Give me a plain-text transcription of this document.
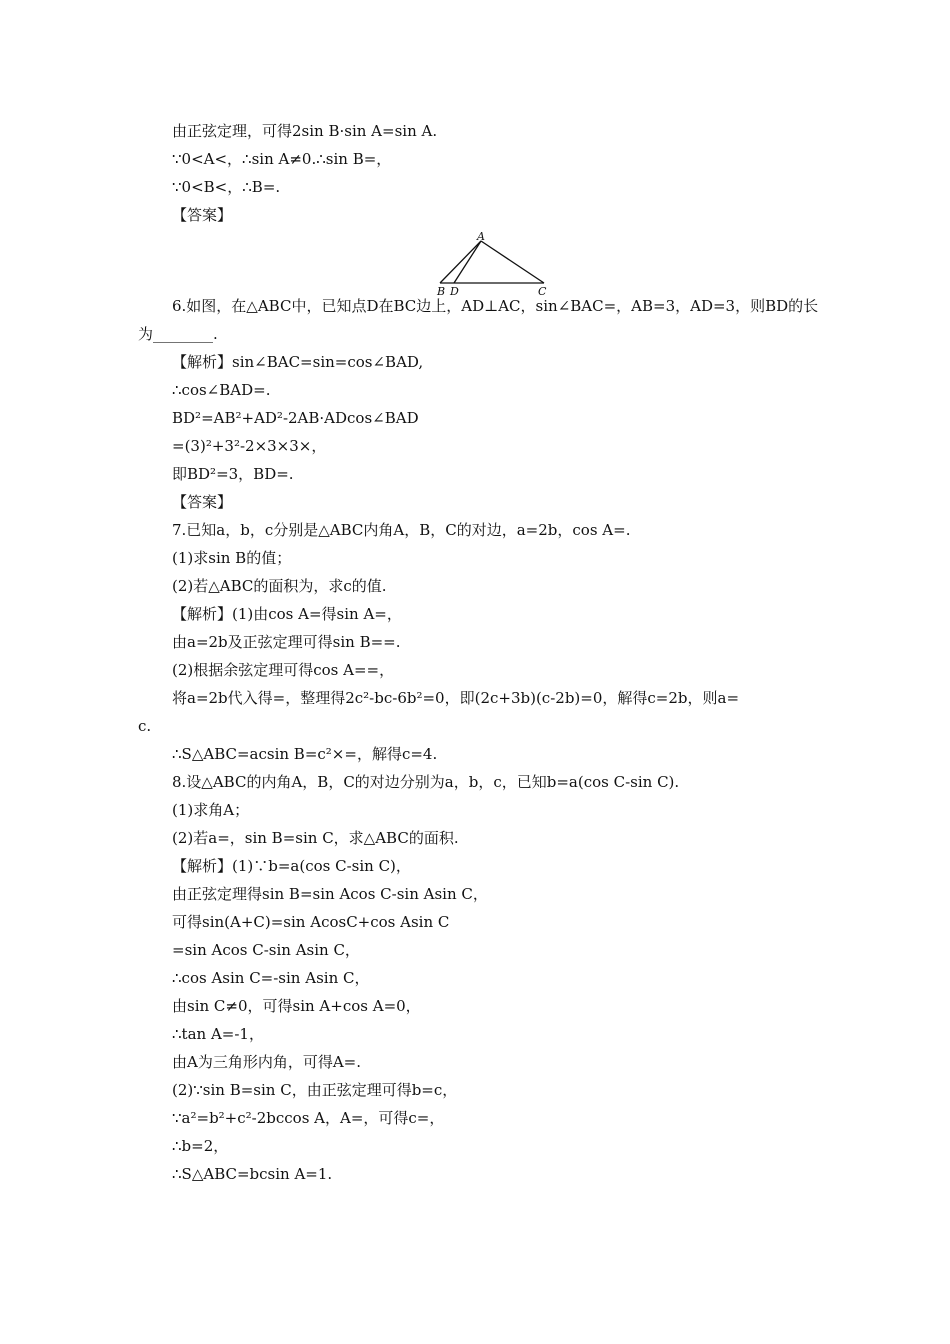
由正弦定理，可得2sin B·sin A=sin A.
∵0<A<，∴sin A≠0.∴sin B=，
∵0<B<，∴B=.
【答案】
A
B D	C
6.如图，在△ABC中，已知点D在BC边上，AD⊥AC，sin∠BAC=，AB=3，AD=3，则BD的长
为________.
【解析】sin∠BAC=sin=cos∠BAD,
∴cos∠BAD=.
BD²=AB²+AD²-2AB·ADcos∠BAD
=(3)²+3²-2×3×3×，
即BD²=3，BD=.
【答案】
7.已知a，b，c分别是△ABC内角A，B，C的对边，a=2b，cos A=.
(1)求sin B的值；
(2)若△ABC的面积为，求c的值.
【解析】(1)由cos A=得sin A=，
由a=2b及正弦定理可得sin B==.
(2)根据余弦定理可得cos A==，
将a=2b代入得=，整理得2c²-bc-6b²=0，即(2c+3b)(c-2b)=0，解得c=2b，则a=
c.
∴S△ABC=acsin B=c²×=，解得c=4.
8.设△ABC的内角A，B，C的对边分别为a，b，c，已知b=a(cos C-sin C).
(1)求角A；
(2)若a=，sin B=sin C，求△ABC的面积.
【解析】(1)∵b=a(cos C-sin C)，
由正弦定理得sin B=sin Acos C-sin Asin C，
可得sin(A+C)=sin AcosC+cos Asin C
=sin Acos C-sin Asin C，
∴cos Asin C=-sin Asin C，
由sin C≠0，可得sin A+cos A=0，
∴tan A=-1，
由A为三角形内角，可得A=.
(2)∵sin B=sin C，由正弦定理可得b=c，
∵a²=b²+c²-2bccos A，A=，可得c=，
∴b=2，
∴S△ABC=bcsin A=1.
